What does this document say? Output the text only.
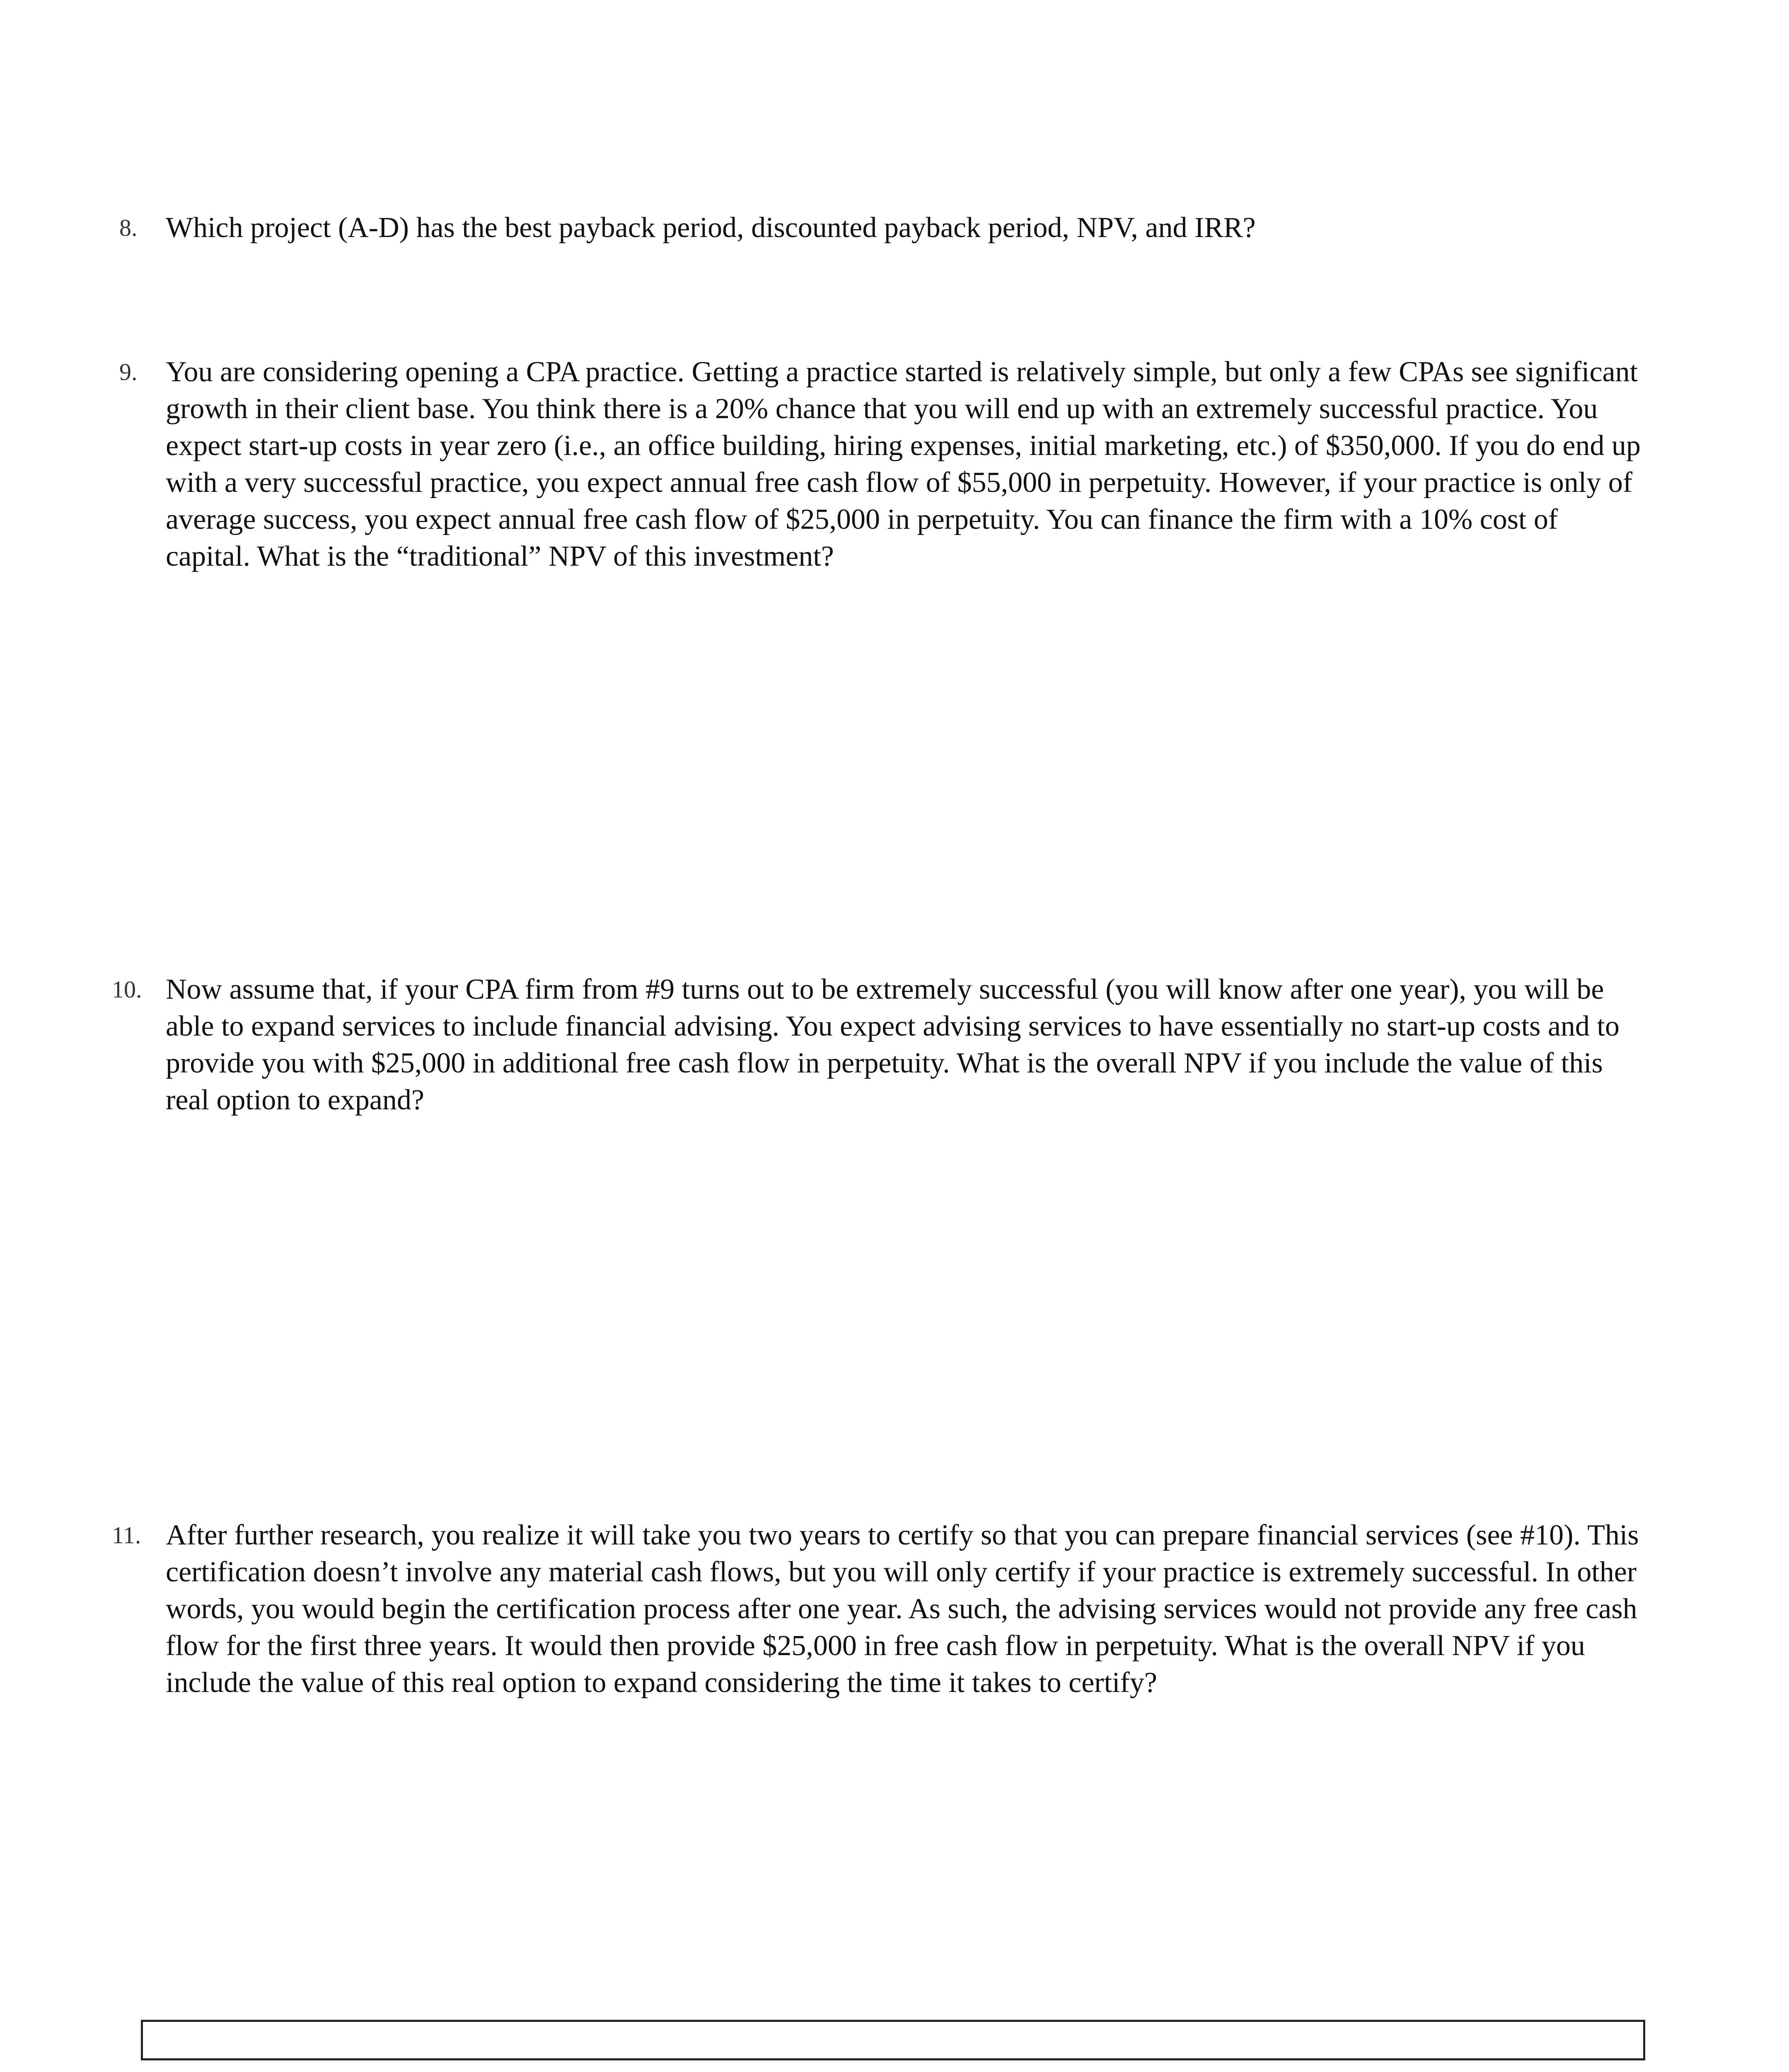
8. Which project (A-D) has the best payback period, discounted payback period, NPV, and IRR?
9. You are considering opening a CPA practice. Getting a practice started is relatively simple, but only a few CPAs see significant growth in their client base. You think there is a 20% chance that you will end up with an extremely successful practice. You expect start-up costs in year zero (i.e., an office building, hiring expenses, initial marketing, etc.) of $350,000. If you do end up with a very successful practice, you expect annual free cash flow of $55,000 in perpetuity. However, if your practice is only of average success, you expect annual free cash flow of $25,000 in perpetuity. You can finance the firm with a 10% cost of capital. What is the “traditional” NPV of this investment?
10. Now assume that, if your CPA firm from #9 turns out to be extremely successful (you will know after one year), you will be able to expand services to include financial advising. You expect advising services to have essentially no start-up costs and to provide you with $25,000 in additional free cash flow in perpetuity. What is the overall NPV if you include the value of this real option to expand?
11. After further research, you realize it will take you two years to certify so that you can prepare financial services (see #10). This certification doesn’t involve any material cash flows, but you will only certify if your practice is extremely successful. In other words, you would begin the certification process after one year. As such, the advising services would not provide any free cash flow for the first three years. It would then provide $25,000 in free cash flow in perpetuity. What is the overall NPV if you include the value of this real option to expand considering the time it takes to certify?
